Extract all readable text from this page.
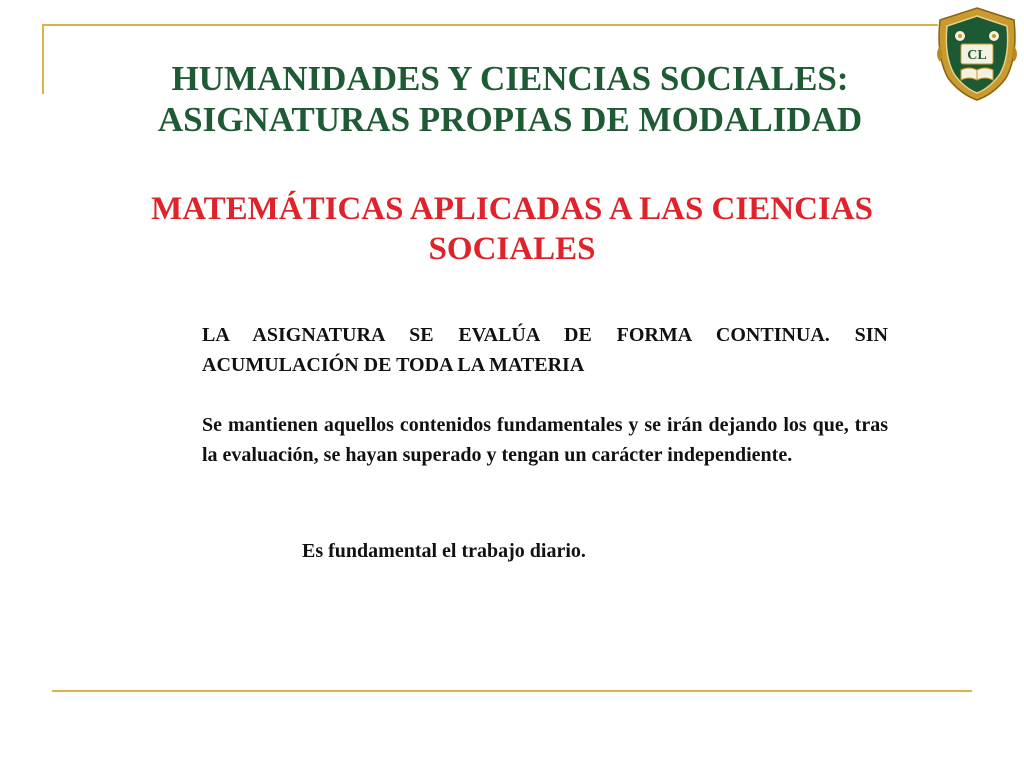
CL
HUMANIDADES Y CIENCIAS SOCIALES:
ASIGNATURAS PROPIAS DE MODALIDAD
MATEMÁTICAS APLICADAS A LAS CIENCIAS
SOCIALES
LA ASIGNATURA SE EVALÚA DE FORMA CONTINUA. SIN ACUMULACIÓN DE TODA LA MATERIA
Se mantienen aquellos contenidos fundamentales y se irán dejando los que, tras la evaluación, se hayan superado y tengan un carácter independiente.
Es fundamental el trabajo diario.
